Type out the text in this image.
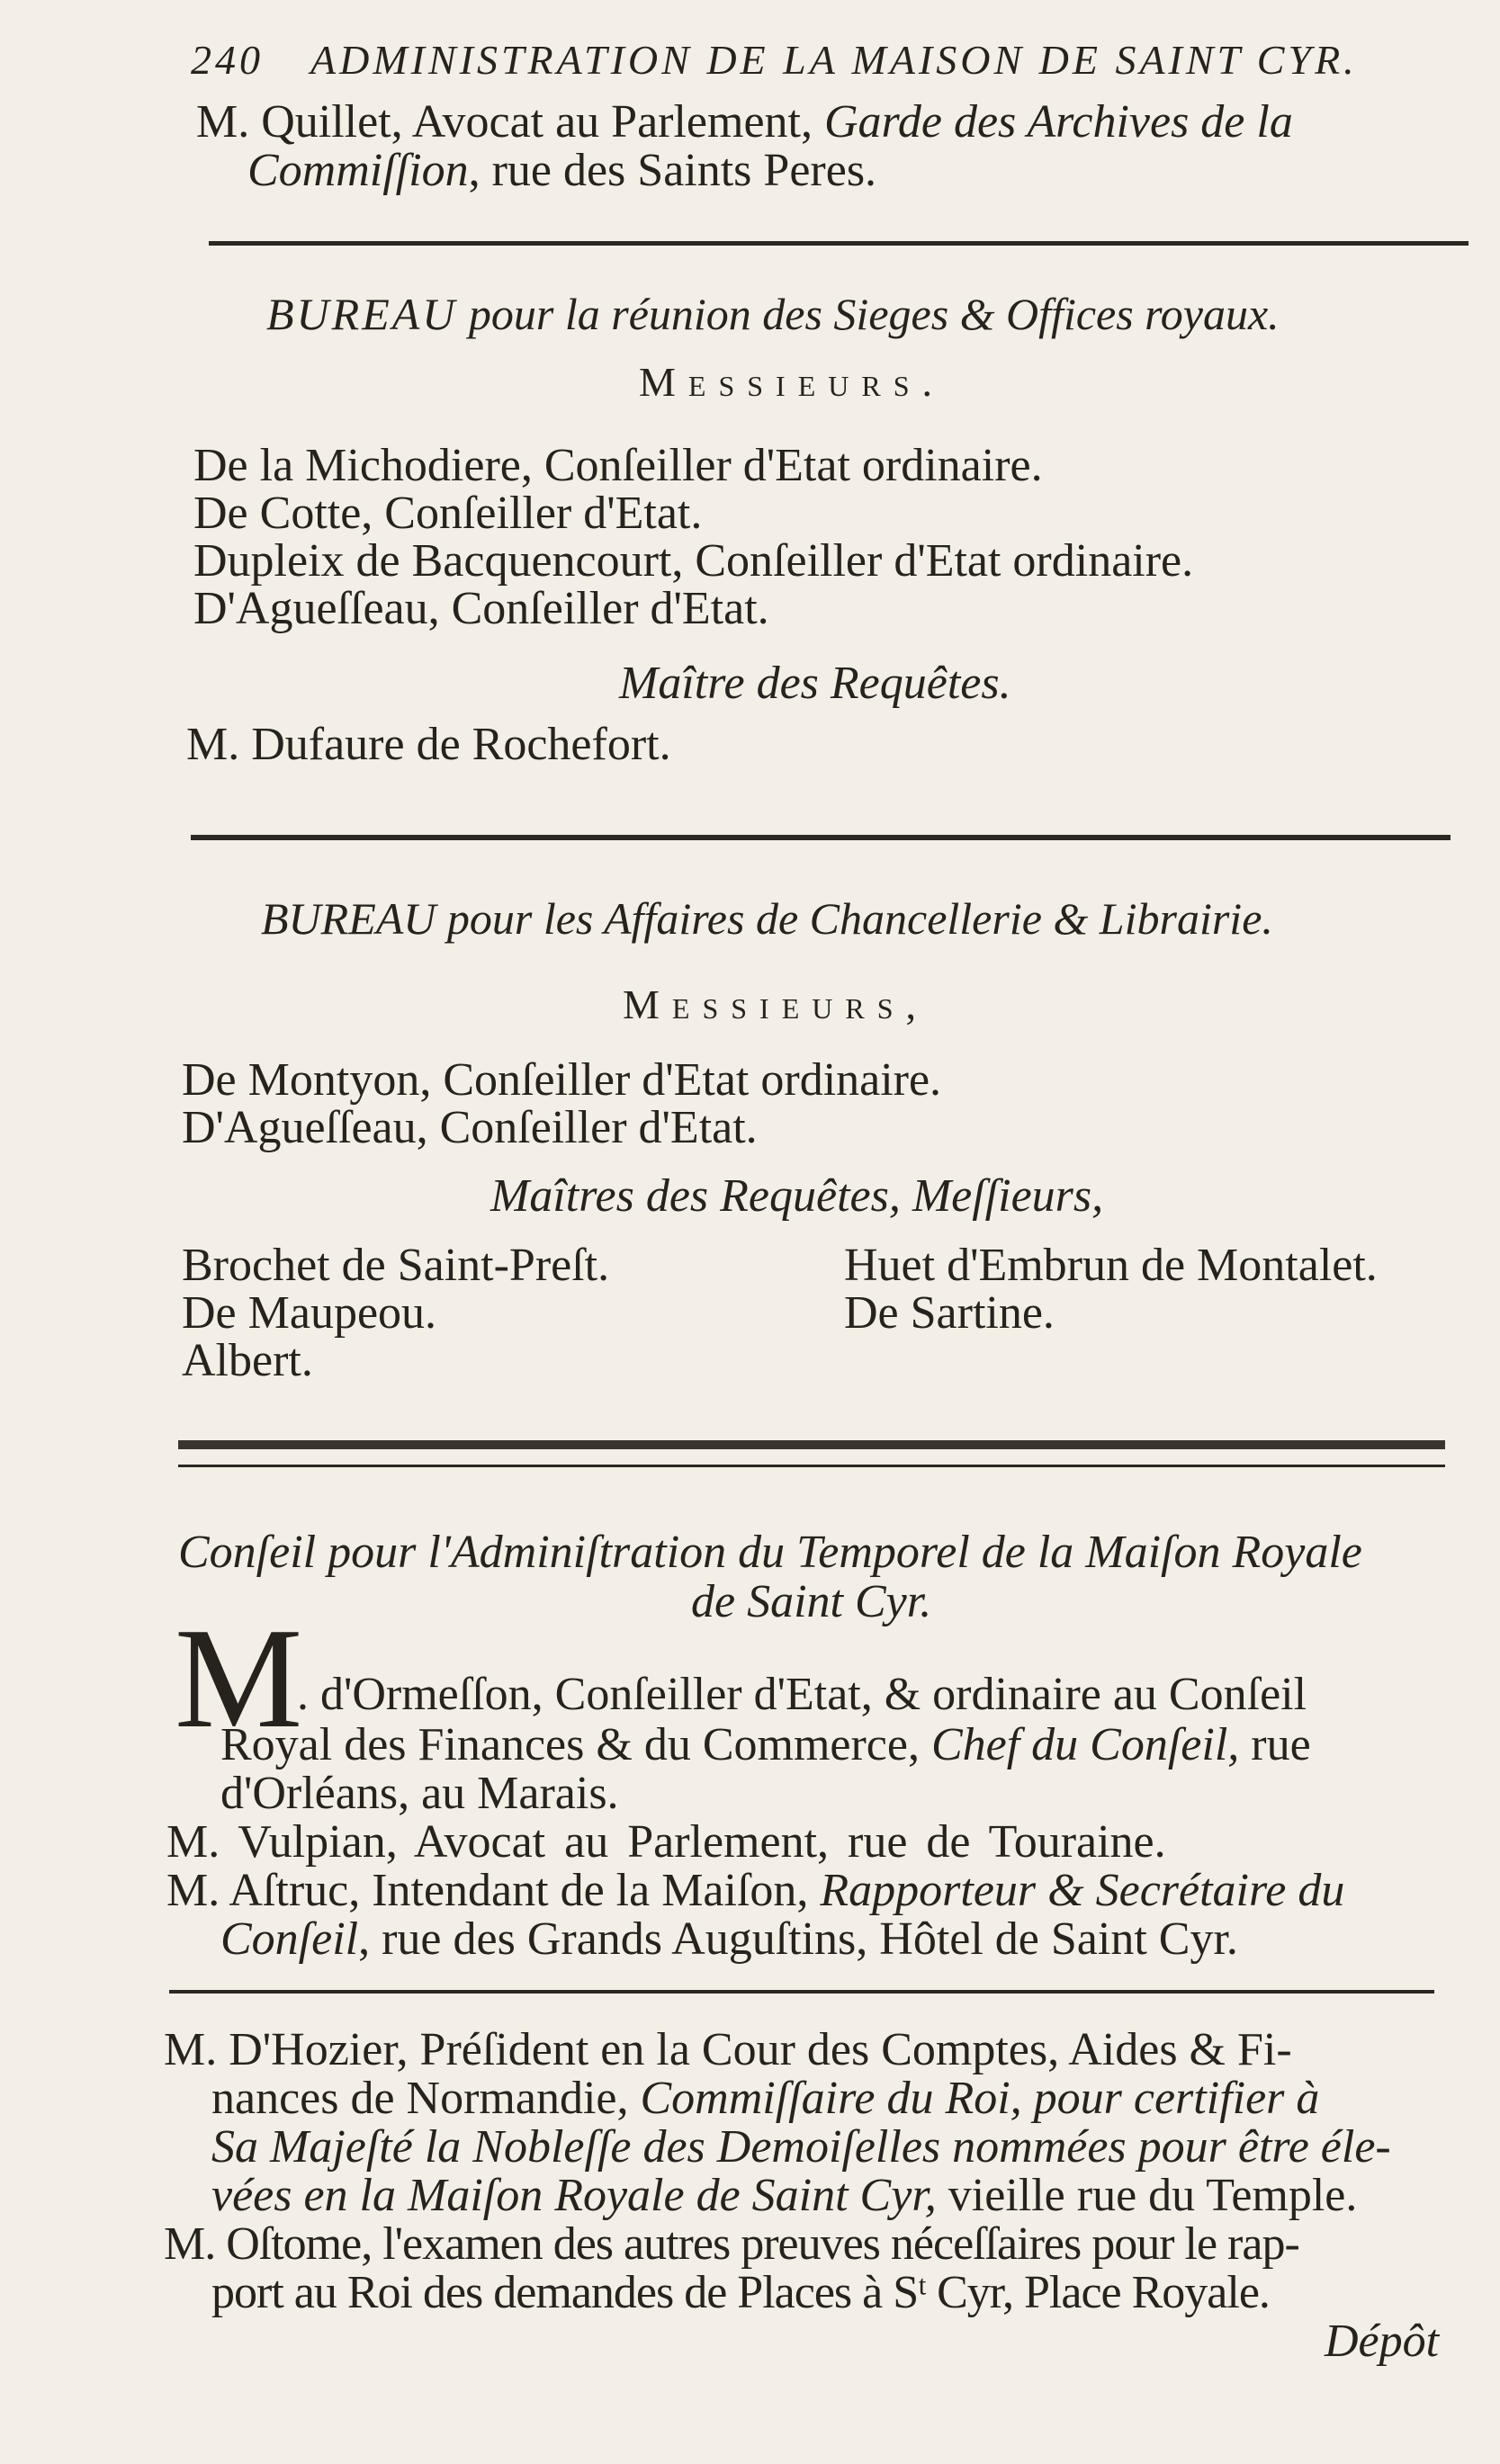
240 ADMINISTRATION DE LA MAISON DE SAINT CYR.
M. Quillet, Avocat au Parlement, Garde des Archives de la
Commiſſion, rue des Saints Peres.
BUREAU pour la réunion des Sieges & Offices royaux.
Messieurs.
De la Michodiere, Conſeiller d'Etat ordinaire.
De Cotte, Conſeiller d'Etat.
Dupleix de Bacquencourt, Conſeiller d'Etat ordinaire.
D'Agueſſeau, Conſeiller d'Etat.
Maître des Requêtes.
M. Dufaure de Rochefort.
BUREAU pour les Affaires de Chancellerie & Librairie.
Messieurs,
De Montyon, Conſeiller d'Etat ordinaire.
D'Agueſſeau, Conſeiller d'Etat.
Maîtres des Requêtes, Meſſieurs,
Brochet de Saint-Preſt.
De Maupeou.
Albert.
Huet d'Embrun de Montalet.
De Sartine.
Conſeil pour l'Adminiſtration du Temporel de la Maiſon Royale
de Saint Cyr.
M
. d'Ormeſſon, Conſeiller d'Etat, & ordinaire au Conſeil
Royal des Finances & du Commerce, Chef du Conſeil, rue
d'Orléans, au Marais.
M. Vulpian, Avocat au Parlement, rue de Touraine.
M. Aſtruc, Intendant de la Maiſon, Rapporteur & Secrétaire du
Conſeil, rue des Grands Auguſtins, Hôtel de Saint Cyr.
M. D'Hozier, Préſident en la Cour des Comptes, Aides & Fi-
nances de Normandie, Commiſſaire du Roi, pour certifier à
Sa Majeſté la Nobleſſe des Demoiſelles nommées pour être éle-
vées en la Maiſon Royale de Saint Cyr, vieille rue du Temple.
M. Oſtome, l'examen des autres preuves néceſſaires pour le rap-
port au Roi des demandes de Places à Sᵗ Cyr, Place Royale.
Dépôt
